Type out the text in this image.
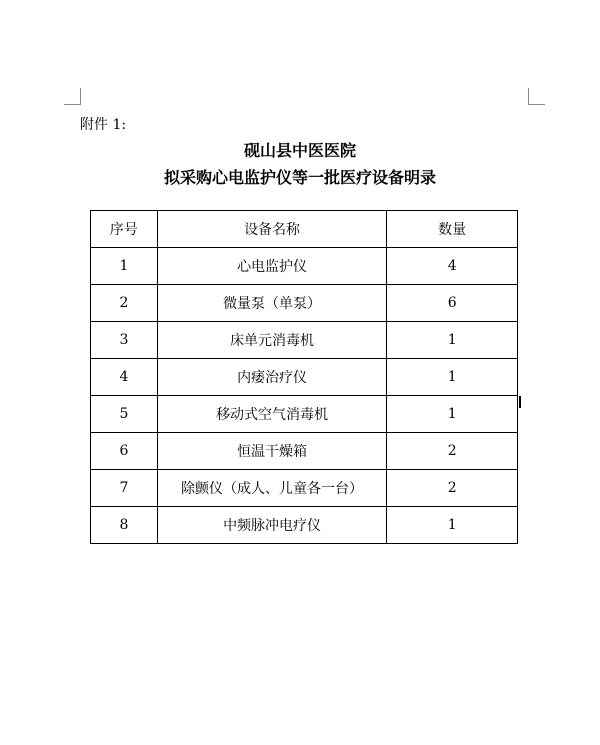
附件 1:
砚山县中医医院
拟采购心电监护仪等一批医疗设备明录
序号	设备名称	数量
1	心电监护仪	4
2	微量泵（单泵）	6
3	床单元消毒机	1
4	内痿治疗仪	1
5	移动式空气消毒机	1
6	恒温干燥箱	2
7	除颤仪（成人、儿童各一台）	2
8	中频脉冲电疗仪	1
